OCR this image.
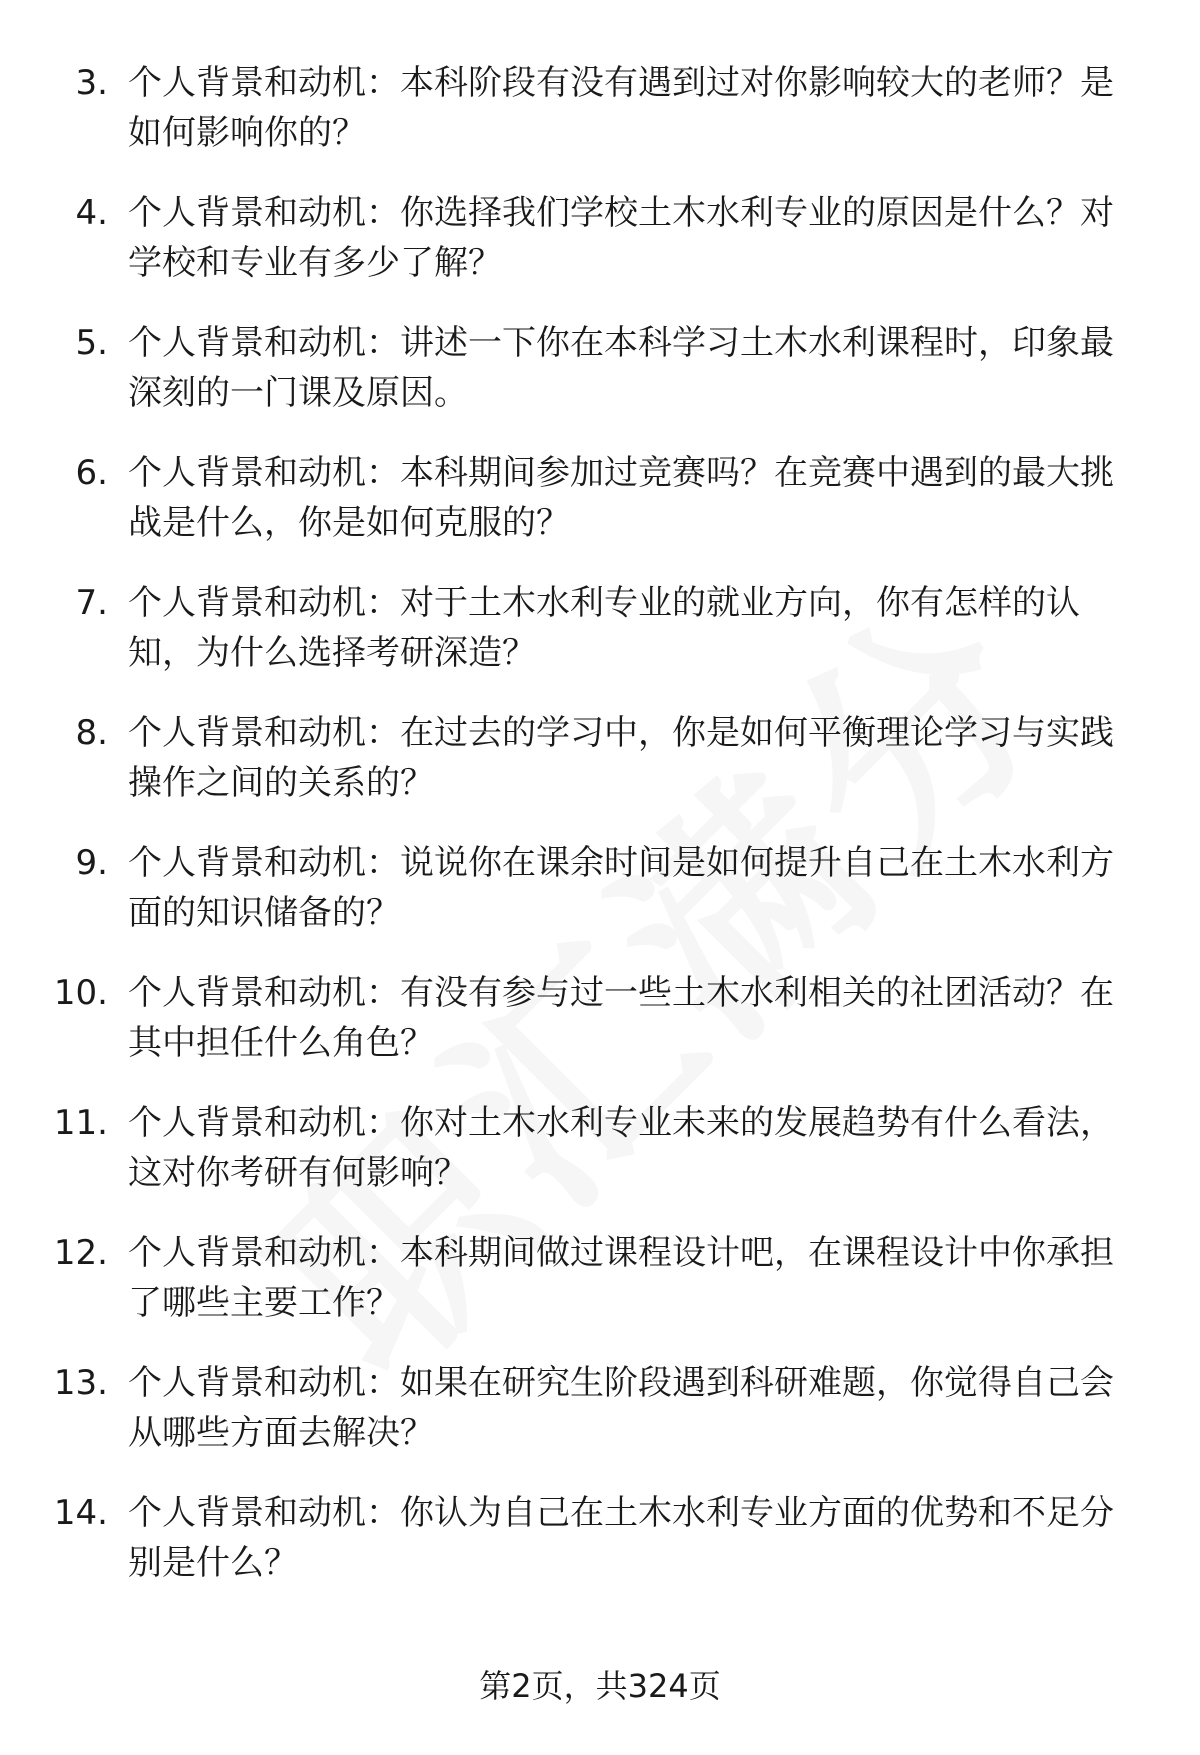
3. 个人背景和动机：本科阶段有没有遇到过对你影响较大的老师？是如何影响你的？
4. 个人背景和动机：你选择我们学校土木水利专业的原因是什么？对学校和专业有多少了解？
5. 个人背景和动机：讲述一下你在本科学习土木水利课程时，印象最深刻的一门课及原因。
6. 个人背景和动机：本科期间参加过竞赛吗？在竞赛中遇到的最大挑战是什么，你是如何克服的？
7. 个人背景和动机：对于土木水利专业的就业方向，你有怎样的认知，为什么选择考研深造？
8. 个人背景和动机：在过去的学习中，你是如何平衡理论学习与实践操作之间的关系的？
9. 个人背景和动机：说说你在课余时间是如何提升自己在土木水利方面的知识储备的？
10. 个人背景和动机：有没有参与过一些土木水利相关的社团活动？在其中担任什么角色？
11. 个人背景和动机：你对土木水利专业未来的发展趋势有什么看法，这对你考研有何影响？
12. 个人背景和动机：本科期间做过课程设计吧，在课程设计中你承担了哪些主要工作？
13. 个人背景和动机：如果在研究生阶段遇到科研难题，你觉得自己会从哪些方面去解决？
14. 个人背景和动机：你认为自己在土木水利专业方面的优势和不足分别是什么？
第2页，共324页
